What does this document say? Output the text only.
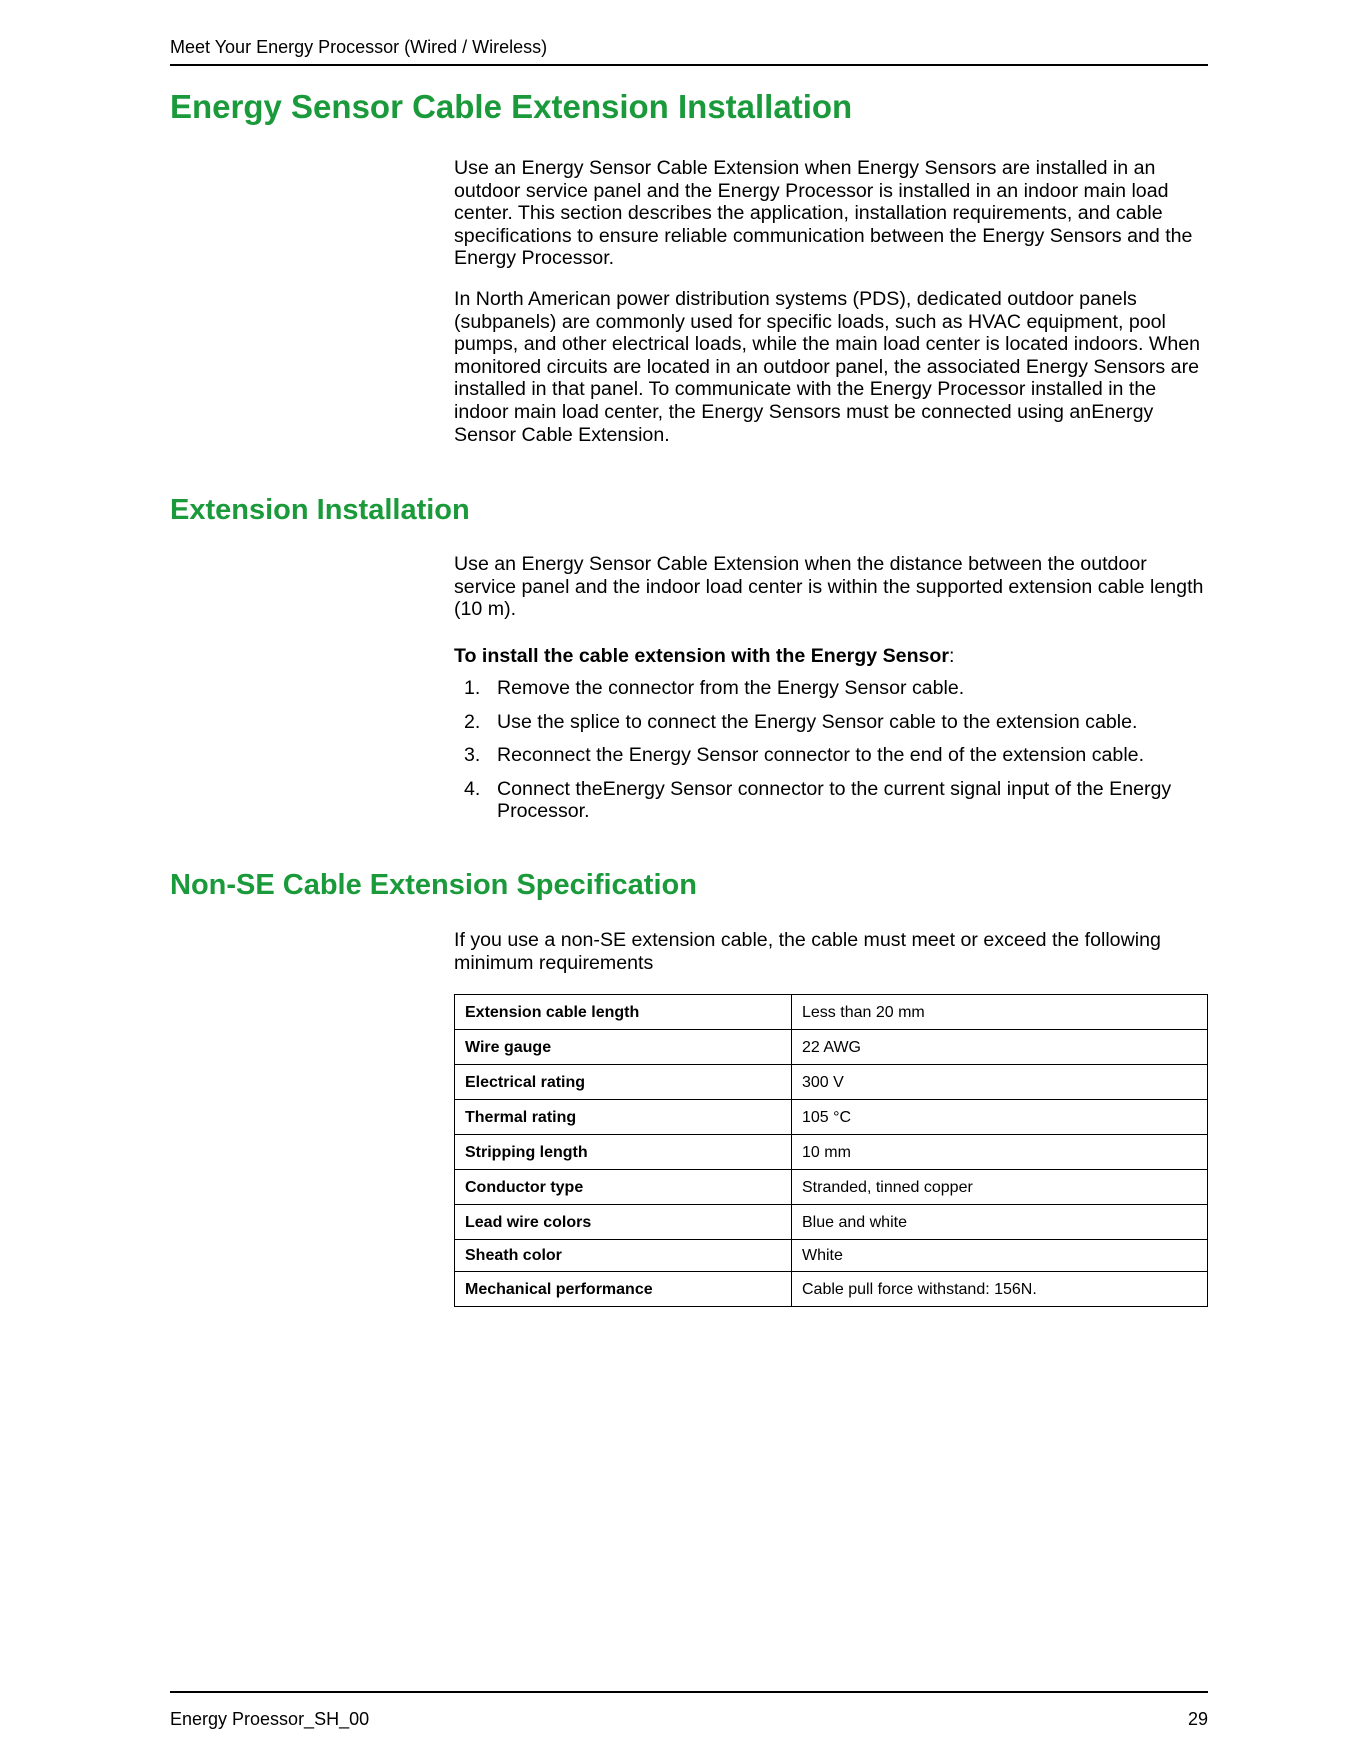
Meet Your Energy Processor (Wired / Wireless)
Energy Sensor Cable Extension Installation

Use an Energy Sensor Cable Extension when Energy Sensors are installed in an outdoor service panel and the Energy Processor is installed in an indoor main load center. This section describes the application, installation requirements, and cable specifications to ensure reliable communication between the Energy Sensors and the Energy Processor.

In North American power distribution systems (PDS), dedicated outdoor panels (subpanels) are commonly used for specific loads, such as HVAC equipment, pool pumps, and other electrical loads, while the main load center is located indoors. When monitored circuits are located in an outdoor panel, the associated Energy Sensors are installed in that panel. To communicate with the Energy Processor installed in the indoor main load center, the Energy Sensors must be connected using anEnergy Sensor Cable Extension.

Extension Installation

Use an Energy Sensor Cable Extension when the distance between the outdoor service panel and the indoor load center is within the supported extension cable length (10 m).

To install the cable extension with the Energy Sensor:

1. Remove the connector from the Energy Sensor cable.
2. Use the splice to connect the Energy Sensor cable to the extension cable.
3. Reconnect the Energy Sensor connector to the end of the extension cable.
4. Connect theEnergy Sensor connector to the current signal input of the Energy Processor.
Non-SE Cable Extension Specification

If you use a non-SE extension cable, the cable must meet or exceed the following minimum requirements

Extension cable length	Less than 20 mm
Wire gauge	22 AWG
Electrical rating	300 V
Thermal rating	105 °C
Stripping length	10 mm
Conductor type	Stranded, tinned copper
Lead wire colors	Blue and white
Sheath color	White
Mechanical performance	Cable pull force withstand: 156N.
Energy Proessor_SH_00	29
